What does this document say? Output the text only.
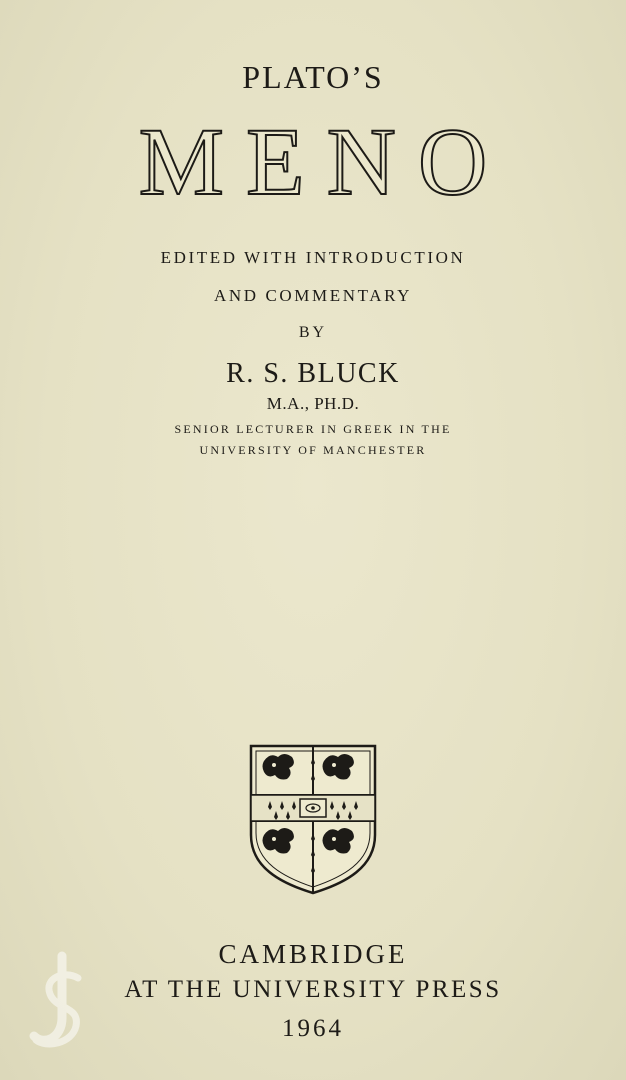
PLATO’S
MENO
EDITED WITH INTRODUCTION
AND COMMENTARY
BY
R. S. BLUCK
M.A., PH.D.
SENIOR LECTURER IN GREEK IN THE
UNIVERSITY OF MANCHESTER
CAMBRIDGE
AT THE UNIVERSITY PRESS
1964
